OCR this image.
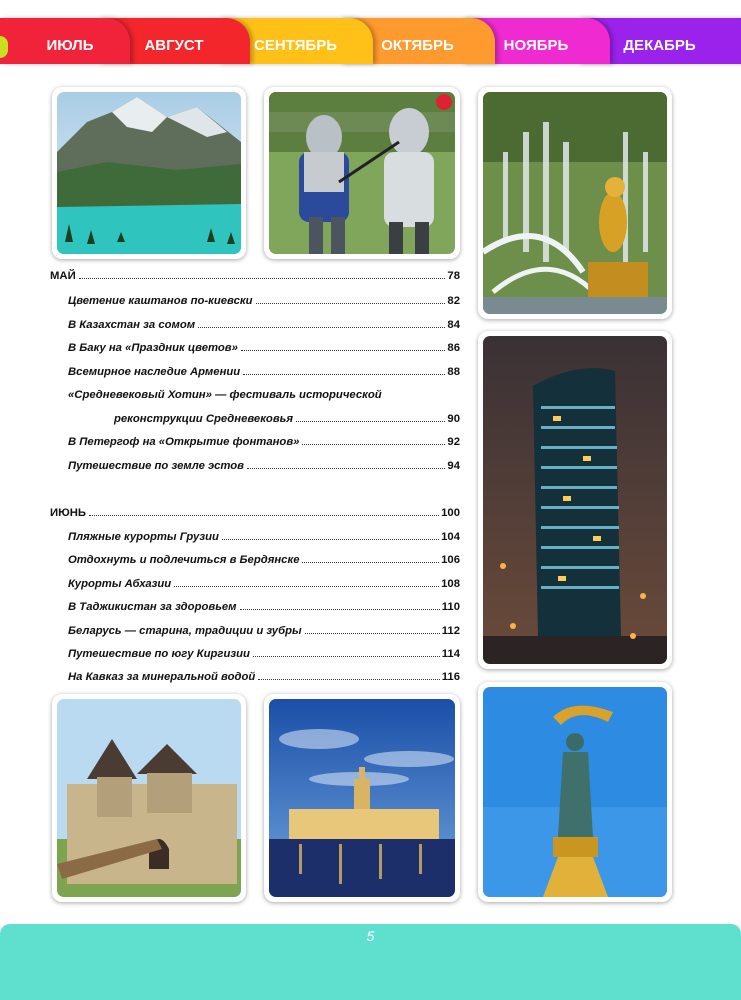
ДЕКАБРЬ
НОЯБРЬ
ОКТЯБРЬ
СЕНТЯБРЬ
АВГУСТ
ИЮЛЬ
МАЙ	78
Цветение каштанов по-киевски	82
В Казахстан за сомом	84
В Баку на «Праздник цветов»	86
Всемирное наследие Армении	88
«Средневековый Хотин» — фестиваль исторической
реконструкции Средневековья	90
В Петергоф на «Открытие фонтанов»	92
Путешествие по земле эстов	94
ИЮНЬ	100
Пляжные курорты Грузии	104
Отдохнуть и подлечиться в Бердянске	106
Курорты Абхазии	108
В Таджикистан за здоровьем	110
Беларусь — старина, традиции и зубры	112
Путешествие по югу Киргизии	114
На Кавказ за минеральной водой	116
5
